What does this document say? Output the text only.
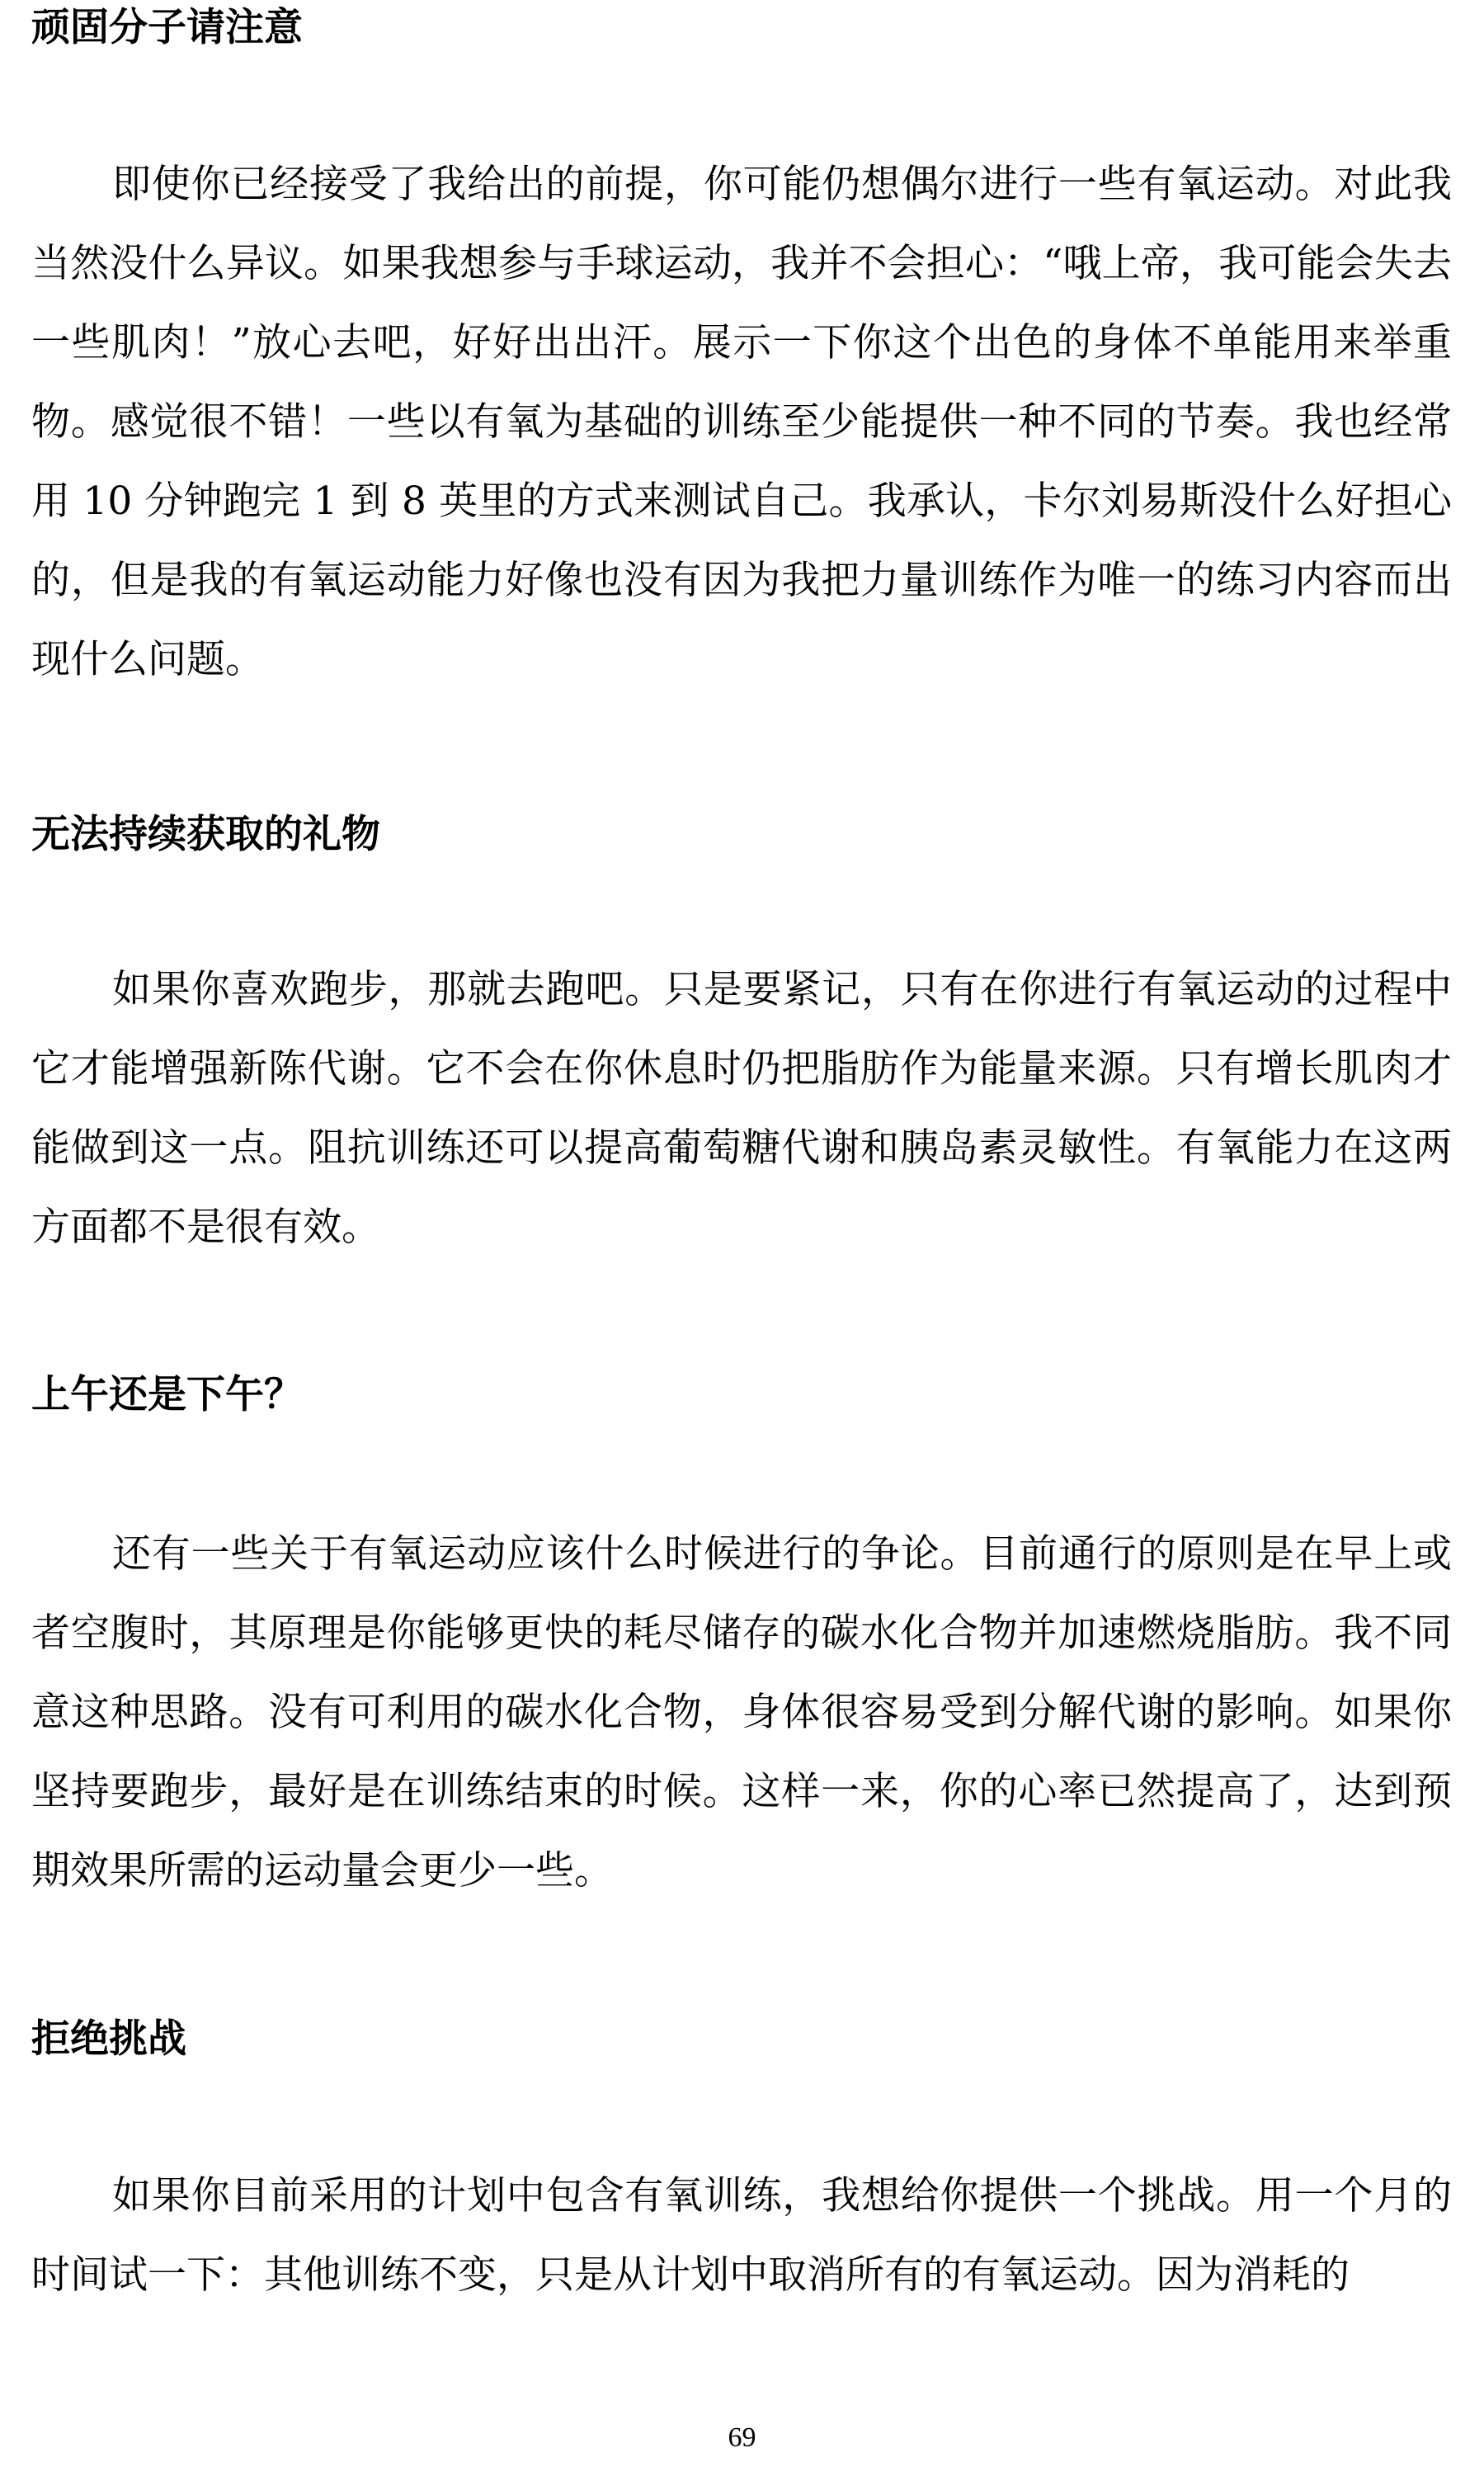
顽固分子请注意

即使你已经接受了我给出的前提，你可能仍想偶尔进行一些有氧运动。对此我当然没什么异议。如果我想参与手球运动，我并不会担心：“哦上帝，我可能会失去一些肌肉！”放心去吧，好好出出汗。展示一下你这个出色的身体不单能用来举重物。感觉很不错！一些以有氧为基础的训练至少能提供一种不同的节奏。我也经常用 10 分钟跑完 1 到 8 英里的方式来测试自己。我承认，卡尔刘易斯没什么好担心的，但是我的有氧运动能力好像也没有因为我把力量训练作为唯一的练习内容而出现什么问题。

无法持续获取的礼物

如果你喜欢跑步，那就去跑吧。只是要紧记，只有在你进行有氧运动的过程中它才能增强新陈代谢。它不会在你休息时仍把脂肪作为能量来源。只有增长肌肉才能做到这一点。阻抗训练还可以提高葡萄糖代谢和胰岛素灵敏性。有氧能力在这两方面都不是很有效。

上午还是下午？

还有一些关于有氧运动应该什么时候进行的争论。目前通行的原则是在早上或者空腹时，其原理是你能够更快的耗尽储存的碳水化合物并加速燃烧脂肪。我不同意这种思路。没有可利用的碳水化合物，身体很容易受到分解代谢的影响。如果你坚持要跑步，最好是在训练结束的时候。这样一来，你的心率已然提高了，达到预期效果所需的运动量会更少一些。

拒绝挑战

如果你目前采用的计划中包含有氧训练，我想给你提供一个挑战。用一个月的时间试一下：其他训练不变，只是从计划中取消所有的有氧运动。因为消耗的

69
